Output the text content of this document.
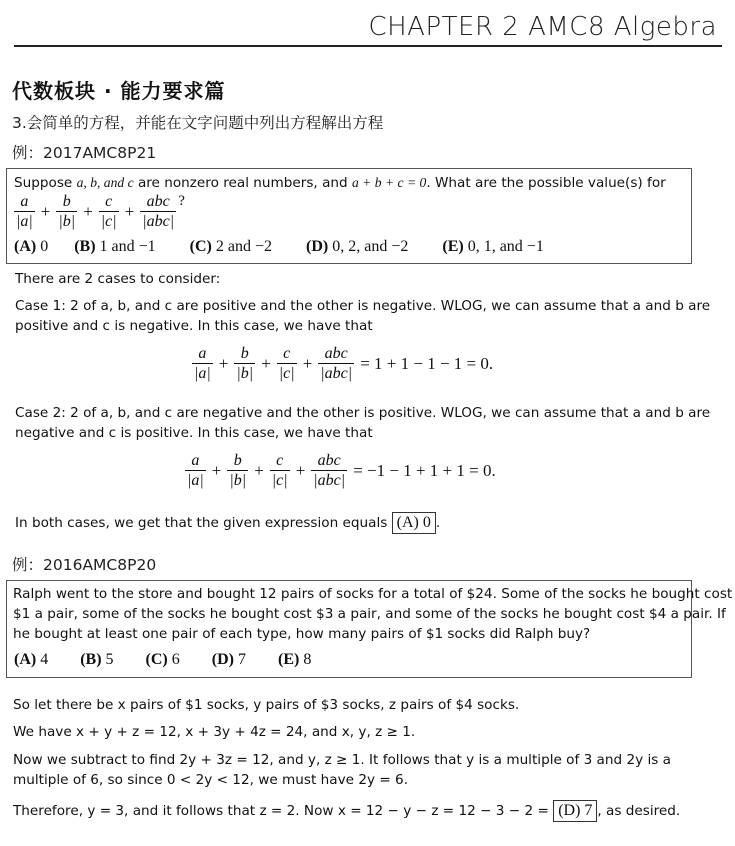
CHAPTER 2 AMC8 Algebra
代数板块 · 能力要求篇
3.会简单的方程，并能在文字问题中列出方程解出方程
例：2017AMC8P21
Suppose a, b, and c are nonzero real numbers, and a + b + c = 0. What are the possible value(s) for
$\frac{a}{|a|} + \frac{b}{|b|} + \frac{c}{|c|} + \frac{\text{abc}}{\text{|abc|}}$ ?
(A) 0 (B) 1 and −1 (C) 2 and −2 (D) 0, 2, and −2 (E) 0, 1, and −1
There are 2 cases to consider:
Case 1: 2 of a, b, and c are positive and the other is negative. WLOG, we can assume that a and b are
positive and c is negative. In this case, we have that
$\frac{a}{|a|} + \frac{b}{|b|} + \frac{c}{|c|} + \frac{\text{abc}}{\text{|abc|}} = 1 + 1 - 1 - 1 = 0$.
Case 2: 2 of a, b, and c are negative and the other is positive. WLOG, we can assume that a and b are
negative and c is positive. In this case, we have that
$\frac{a}{|a|} + \frac{b}{|b|} + \frac{c}{|c|} + \frac{\text{abc}}{\text{|abc|}} = -1 - 1 + 1 + 1 = 0$.
In both cases, we get that the given expression equals (A) 0 .
例：2016AMC8P20
Ralph went to the store and bought 12 pairs of socks for a total of $24. Some of the socks he bought cost
$1 a pair, some of the socks he bought cost $3 a pair, and some of the socks he bought cost $4 a pair. If
he bought at least one pair of each type, how many pairs of $1 socks did Ralph buy?
(A) 4 (B) 5 (C) 6 (D) 7 (E) 8
So let there be x pairs of $1 socks, y pairs of $3 socks, z pairs of $4 socks.
We have x + y + z = 12, x + 3y + 4z = 24, and x, y, z ≥ 1.
Now we subtract to find 2y + 3z = 12, and y, z ≥ 1. It follows that y is a multiple of 3 and 2y is a
multiple of 6, so since 0 < 2y < 12, we must have 2y = 6.
Therefore, y = 3, and it follows that z = 2. Now x = 12 − y − z = 12 − 3 − 2 = (D) 7 , as desired.
